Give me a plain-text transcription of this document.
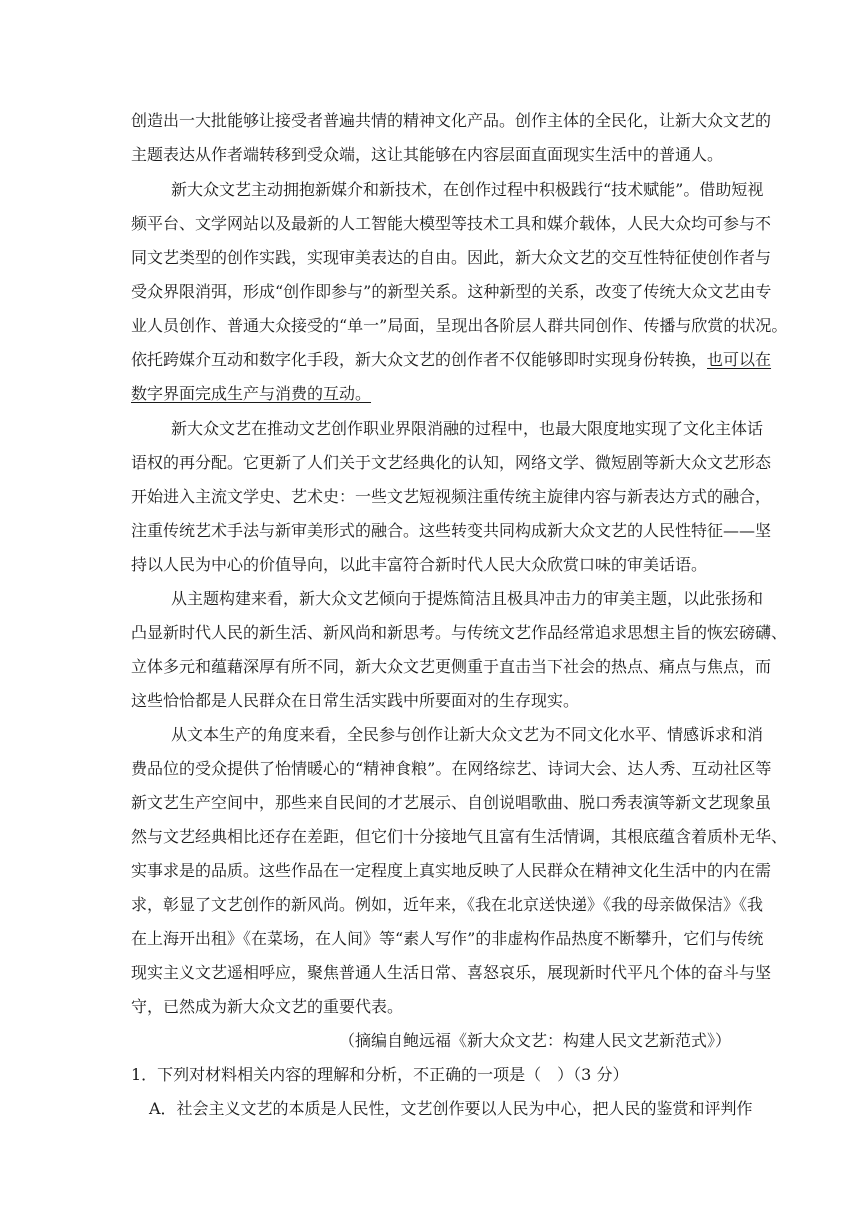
创造出一大批能够让接受者普遍共情的精神文化产品。创作主体的全民化，让新大众文艺的
主题表达从作者端转移到受众端，这让其能够在内容层面直面现实生活中的普通人。
新大众文艺主动拥抱新媒介和新技术，在创作过程中积极践行“技术赋能”。借助短视
频平台、文学网站以及最新的人工智能大模型等技术工具和媒介载体，人民大众均可参与不
同文艺类型的创作实践，实现审美表达的自由。因此，新大众文艺的交互性特征使创作者与
受众界限消弭，形成“创作即参与”的新型关系。这种新型的关系，改变了传统大众文艺由专
业人员创作、普通大众接受的“单一”局面，呈现出各阶层人群共同创作、传播与欣赏的状况。
依托跨媒介互动和数字化手段，新大众文艺的创作者不仅能够即时实现身份转换，也可以在
数字界面完成生产与消费的互动。
新大众文艺在推动文艺创作职业界限消融的过程中，也最大限度地实现了文化主体话
语权的再分配。它更新了人们关于文艺经典化的认知，网络文学、微短剧等新大众文艺形态
开始进入主流文学史、艺术史：一些文艺短视频注重传统主旋律内容与新表达方式的融合，
注重传统艺术手法与新审美形式的融合。这些转变共同构成新大众文艺的人民性特征——坚
持以人民为中心的价值导向，以此丰富符合新时代人民大众欣赏口味的审美话语。
从主题构建来看，新大众文艺倾向于提炼简洁且极具冲击力的审美主题，以此张扬和
凸显新时代人民的新生活、新风尚和新思考。与传统文艺作品经常追求思想主旨的恢宏磅礴、
立体多元和蕴藉深厚有所不同，新大众文艺更侧重于直击当下社会的热点、痛点与焦点，而
这些恰恰都是人民群众在日常生活实践中所要面对的生存现实。
从文本生产的角度来看，全民参与创作让新大众文艺为不同文化水平、情感诉求和消
费品位的受众提供了怡情暖心的“精神食粮”。在网络综艺、诗词大会、达人秀、互动社区等
新文艺生产空间中，那些来自民间的才艺展示、自创说唱歌曲、脱口秀表演等新文艺现象虽
然与文艺经典相比还存在差距，但它们十分接地气且富有生活情调，其根底蕴含着质朴无华、
实事求是的品质。这些作品在一定程度上真实地反映了人民群众在精神文化生活中的内在需
求，彰显了文艺创作的新风尚。例如，近年来，《我在北京送快递》《我的母亲做保洁》《我
在上海开出租》《在菜场，在人间》等“素人写作”的非虚构作品热度不断攀升，它们与传统
现实主义文艺遥相呼应，聚焦普通人生活日常、喜怒哀乐，展现新时代平凡个体的奋斗与坚
守，已然成为新大众文艺的重要代表。
（摘编自鲍远福《新大众文艺：构建人民文艺新范式》）
1．下列对材料相关内容的理解和分析，不正确的一项是（　）（3 分）
A．社会主义文艺的本质是人民性，文艺创作要以人民为中心，把人民的鉴赏和评判作
